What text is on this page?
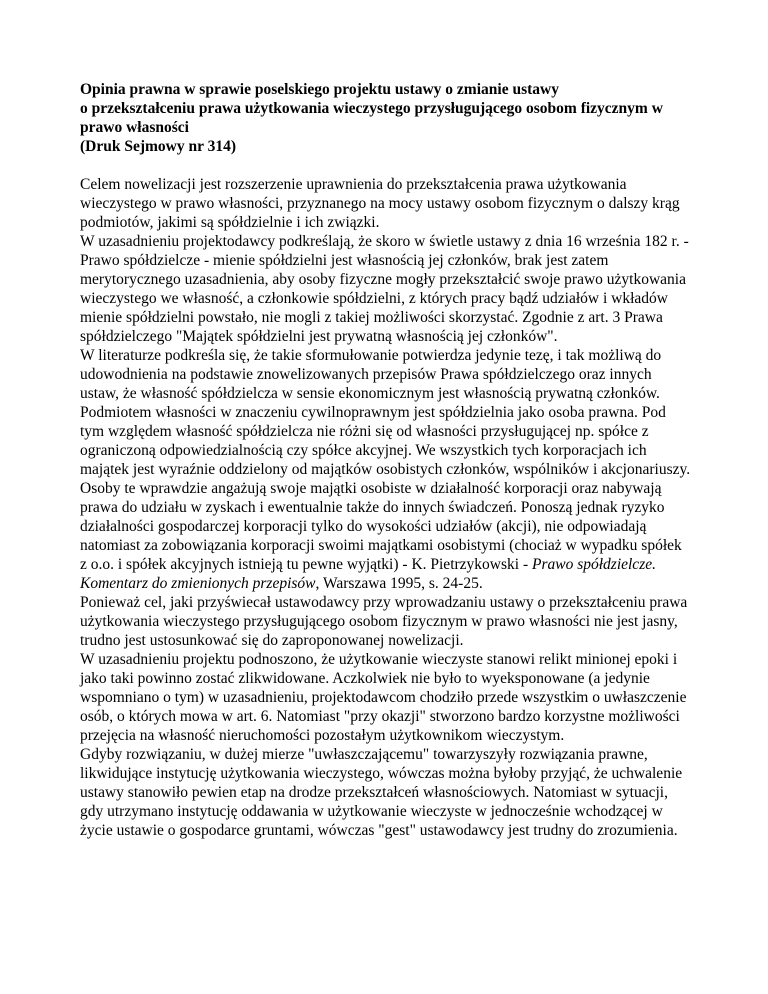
Opinia prawna w sprawie poselskiego projektu ustawy o zmianie ustawy
o przekształceniu prawa użytkowania wieczystego przysługującego osobom fizycznym w prawo własności
(Druk Sejmowy nr 314)

Celem nowelizacji jest rozszerzenie uprawnienia do przekształcenia prawa użytkowania wieczystego w prawo własności, przyznanego na mocy ustawy osobom fizycznym o dalszy krąg podmiotów, jakimi są spółdzielnie i ich związki.

W uzasadnieniu projektodawcy podkreślają, że skoro w świetle ustawy z dnia 16 września 182 r. - Prawo spółdzielcze - mienie spółdzielni jest własnością jej członków, brak jest zatem merytorycznego uzasadnienia, aby osoby fizyczne mogły przekształcić swoje prawo użytkowania wieczystego we własność, a członkowie spółdzielni, z których pracy bądź udziałów i wkładów mienie spółdzielni powstało, nie mogli z takiej możliwości skorzystać. Zgodnie z art. 3 Prawa spółdzielczego "Majątek spółdzielni jest prywatną własnością jej członków".

W literaturze podkreśla się, że takie sformułowanie potwierdza jedynie tezę, i tak możliwą do udowodnienia na podstawie znowelizowanych przepisów Prawa spółdzielczego oraz innych ustaw, że własność spółdzielcza w sensie ekonomicznym jest własnością prywatną członków. Podmiotem własności w znaczeniu cywilnoprawnym jest spółdzielnia jako osoba prawna. Pod tym względem własność spółdzielcza nie różni się od własności przysługującej np. spółce z ograniczoną odpowiedzialnością czy spółce akcyjnej. We wszystkich tych korporacjach ich majątek jest wyraźnie oddzielony od majątków osobistych członków, wspólników i akcjonariuszy. Osoby te wprawdzie angażują swoje majątki osobiste w działalność korporacji oraz nabywają prawa do udziału w zyskach i ewentualnie także do innych świadczeń. Ponoszą jednak ryzyko działalności gospodarczej korporacji tylko do wysokości udziałów (akcji), nie odpowiadają natomiast za zobowiązania korporacji swoimi majątkami osobistymi (chociaż w wypadku spółek z o.o. i spółek akcyjnych istnieją tu pewne wyjątki) - K. Pietrzykowski - Prawo spółdzielcze. Komentarz do zmienionych przepisów, Warszawa 1995, s. 24-25.

Ponieważ cel, jaki przyświecał ustawodawcy przy wprowadzaniu ustawy o przekształceniu prawa użytkowania wieczystego przysługującego osobom fizycznym w prawo własności nie jest jasny, trudno jest ustosunkować się do zaproponowanej nowelizacji.

W uzasadnieniu projektu podnoszono, że użytkowanie wieczyste stanowi relikt minionej epoki i jako taki powinno zostać zlikwidowane. Aczkolwiek nie było to wyeksponowane (a jedynie wspomniano o tym) w uzasadnieniu, projektodawcom chodziło przede wszystkim o uwłaszczenie osób, o których mowa w art. 6. Natomiast "przy okazji" stworzono bardzo korzystne możliwości przejęcia na własność nieruchomości pozostałym użytkownikom wieczystym.

Gdyby rozwiązaniu, w dużej mierze "uwłaszczającemu" towarzyszyły rozwiązania prawne, likwidujące instytucję użytkowania wieczystego, wówczas można byłoby przyjąć, że uchwalenie ustawy stanowiło pewien etap na drodze przekształceń własnościowych. Natomiast w sytuacji, gdy utrzymano instytucję oddawania w użytkowanie wieczyste w jednocześnie wchodzącej w życie ustawie o gospodarce gruntami, wówczas "gest" ustawodawcy jest trudny do zrozumienia.
